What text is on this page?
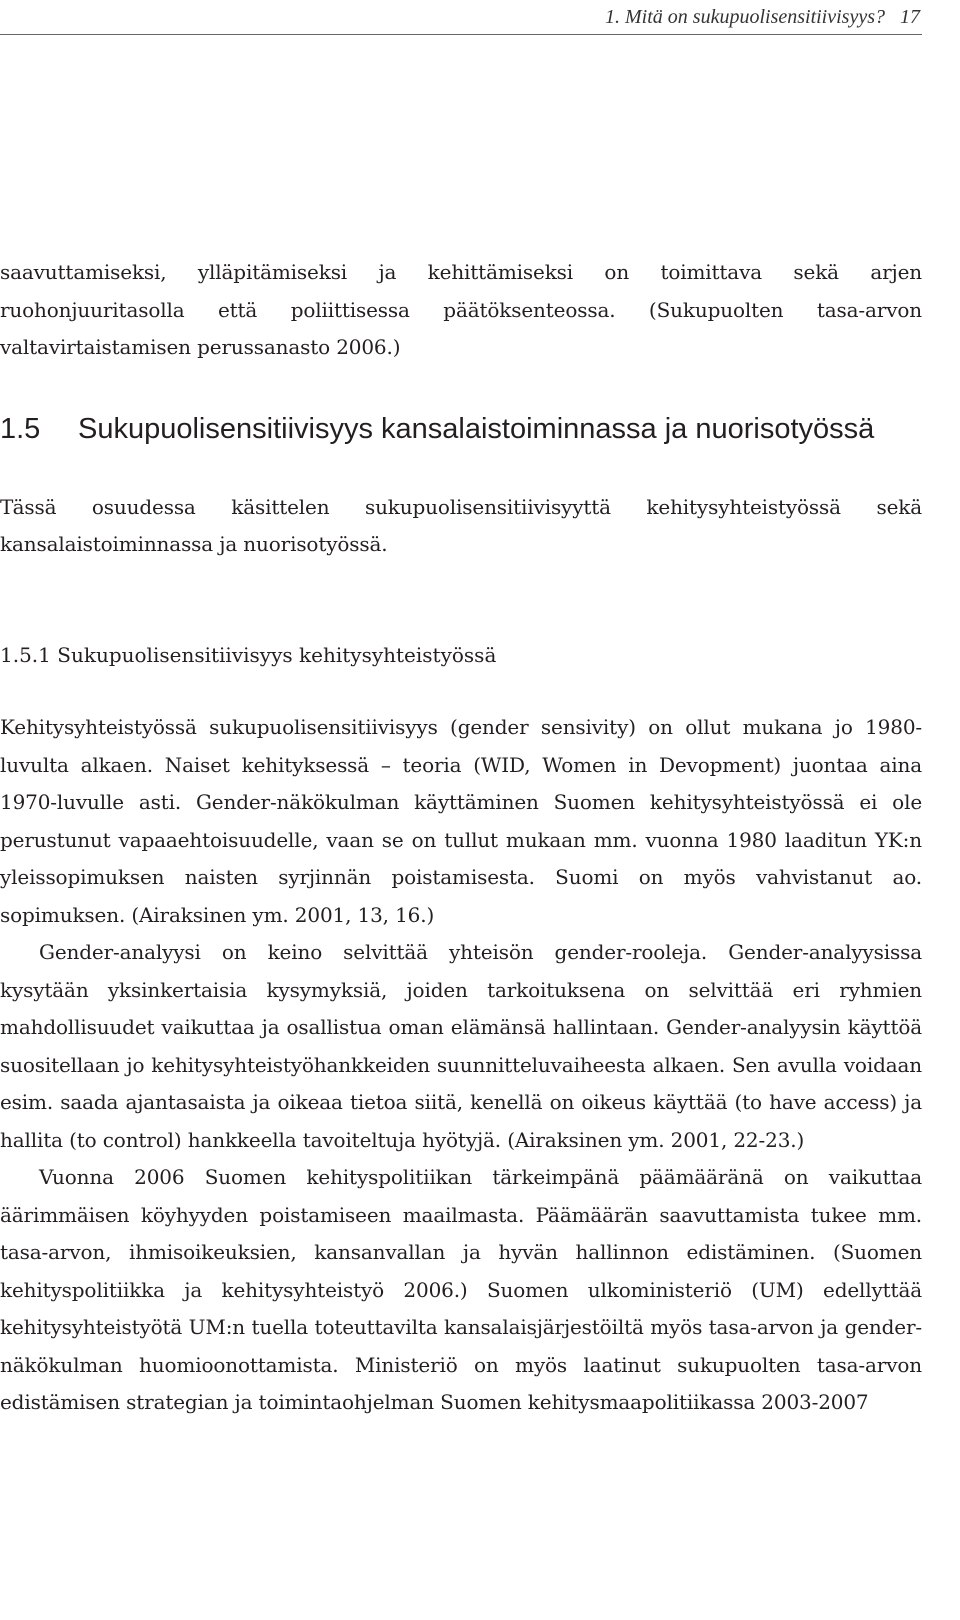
1. Mitä on sukupuolisensitiivisyys?  17

saavuttamiseksi, ylläpitämiseksi ja kehittämiseksi on toimittava sekä arjen ruohonjuuritasolla että poliittisessa päätöksenteossa. (Sukupuolten tasa-arvon valtavirtaistamisen perussanasto 2006.)

1.5	Sukupuolisensitiivisyys kansalaistoiminnassa ja nuorisotyössä

Tässä osuudessa käsittelen sukupuolisensitiivisyyttä kehitysyhteistyössä sekä kansalaistoiminnassa ja nuorisotyössä.

1.5.1 Sukupuolisensitiivisyys kehitysyhteistyössä

Kehitysyhteistyössä sukupuolisensitiivisyys (gender sensivity) on ollut mukana jo 1980-luvulta alkaen. Naiset kehityksessä – teoria (WID, Women in Devopment) juontaa aina 1970-luvulle asti. Gender-näkökulman käyttäminen Suomen kehitysyhteistyössä ei ole perustunut vapaaehtoisuudelle, vaan se on tullut mukaan mm. vuonna 1980 laaditun YK:n yleissopimuksen naisten syrjinnän poistamisesta. Suomi on myös vahvistanut ao. sopimuksen. (Airaksinen ym. 2001, 13, 16.)

Gender-analyysi on keino selvittää yhteisön gender-rooleja. Gender-analyysissa kysytään yksinkertaisia kysymyksiä, joiden tarkoituksena on selvittää eri ryhmien mahdollisuudet vaikuttaa ja osallistua oman elämänsä hallintaan. Gender-analyysin käyttöä suositellaan jo kehitysyhteistyöhankkeiden suunnitteluvaiheesta alkaen. Sen avulla voidaan esim. saada ajantasaista ja oikeaa tietoa siitä, kenellä on oikeus käyttää (to have access) ja hallita (to control) hankkeella tavoiteltuja hyötyjä. (Airaksinen ym. 2001, 22-23.)

Vuonna 2006 Suomen kehityspolitiikan tärkeimpänä päämääränä on vaikuttaa äärimmäisen köyhyyden poistamiseen maailmasta. Päämäärän saavuttamista tukee mm. tasa-arvon, ihmisoikeuksien, kansanvallan ja hyvän hallinnon edistäminen. (Suomen kehityspolitiikka ja kehitysyhteistyö 2006.) Suomen ulkoministeriö (UM) edellyttää kehitysyhteistyötä UM:n tuella toteuttavilta kansalaisjärjestöiltä myös tasa-arvon ja gender-näkökulman huomioonottamista. Ministeriö on myös laatinut sukupuolten tasa-arvon edistämisen strategian ja toimintaohjelman Suomen kehitysmaapolitiikassa 2003-2007
